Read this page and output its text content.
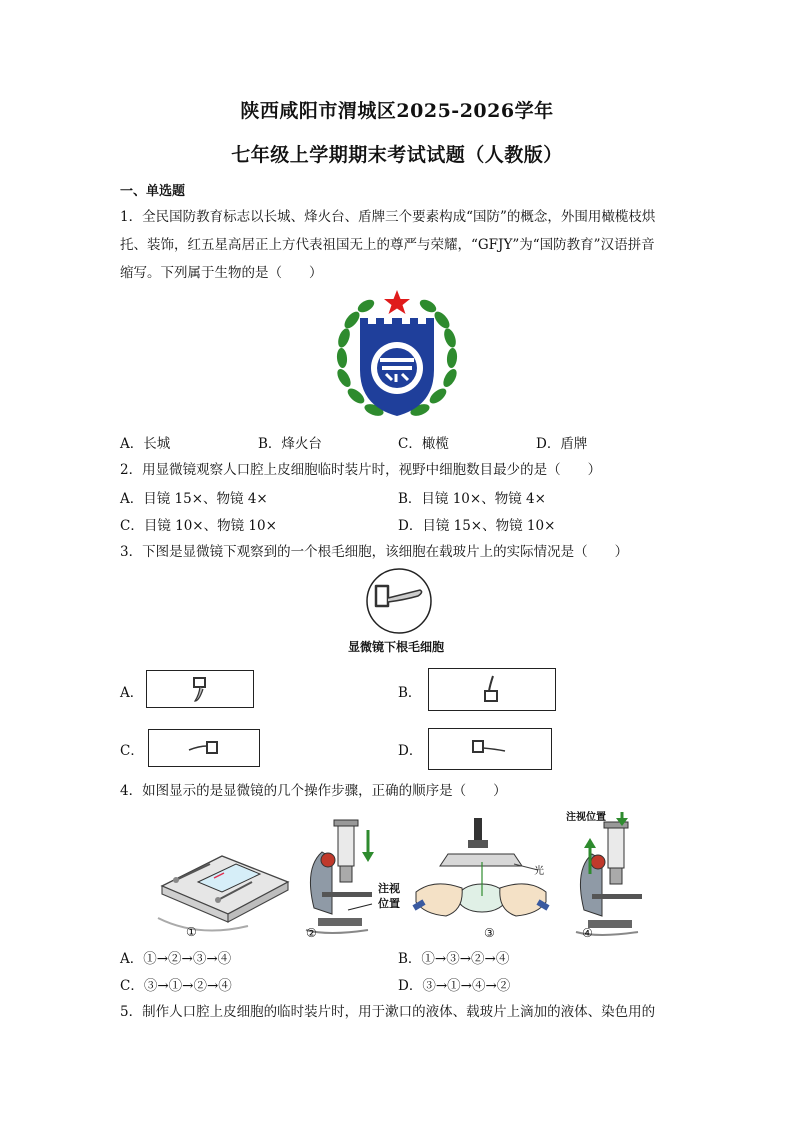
陕西咸阳市渭城区2025-2026学年
七年级上学期期末考试试题（人教版）
一、单选题
1．全民国防教育标志以长城、烽火台、盾牌三个要素构成“国防”的概念，外围用橄榄枝烘
托、装饰，红五星高居正上方代表祖国无上的尊严与荣耀，“GFJY”为“国防教育”汉语拼音
缩写。下列属于生物的是（　　）
A．长城	B．烽火台	C．橄榄	D．盾牌
2．用显微镜观察人口腔上皮细胞临时装片时，视野中细胞数目最少的是（　　）
A．目镜 15×、物镜 4×	B．目镜 10×、物镜 4×
C．目镜 10×、物镜 10×	D．目镜 15×、物镜 10×
3．下图是显微镜下观察到的一个根毛细胞，该细胞在载玻片上的实际情况是（　　）
显微镜下根毛细胞
A．	B．
C．	D．
4．如图显示的是显微镜的几个操作步骤，正确的顺序是（　　）
①
注视
位置
②
光
③
注视位置
④
A．①→②→③→④	B．①→③→②→④
C．③→①→②→④	D．③→①→④→②
5．制作人口腔上皮细胞的临时装片时，用于漱口的液体、载玻片上滴加的液体、染色用的
